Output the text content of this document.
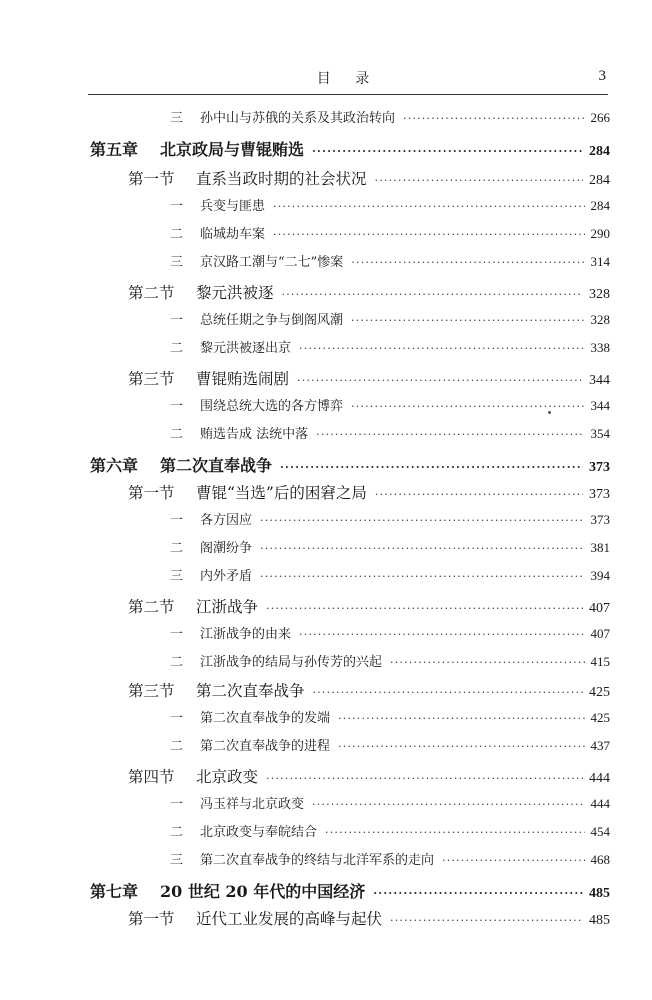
目 录	3
三 孙中山与苏俄的关系及其政治转向 ·····	266
第五章 北京政局与曹锟贿选 ·····	284
第一节 直系当政时期的社会状况 ·····	284
一 兵变与匪患 ·····	284
二 临城劫车案 ·····	290
三 京汉路工潮与“二七”惨案 ·····	314
第二节 黎元洪被逐 ·····	328
一 总统任期之争与倒阁风潮 ·····	328
二 黎元洪被逐出京 ·····	338
第三节 曹锟贿选闹剧 ·····	344
一 围绕总统大选的各方博弈 ·····	344
二 贿选告成 法统中落 ·····	354
第六章 第二次直奉战争 ·····	373
第一节 曹锟“当选”后的困窘之局 ·····	373
一 各方因应 ·····	373
二 阁潮纷争 ·····	381
三 内外矛盾 ·····	394
第二节 江浙战争 ·····	407
一 江浙战争的由来 ·····	407
二 江浙战争的结局与孙传芳的兴起 ·····	415
第三节 第二次直奉战争 ·····	425
一 第二次直奉战争的发端 ·····	425
二 第二次直奉战争的进程 ·····	437
第四节 北京政变 ·····	444
一 冯玉祥与北京政变 ·····	444
二 北京政变与奉皖结合 ·····	454
三 第二次直奉战争的终结与北洋军系的走向 ·····	468
第七章 20 世纪 20 年代的中国经济 ·····	485
第一节 近代工业发展的高峰与起伏 ·····	485
